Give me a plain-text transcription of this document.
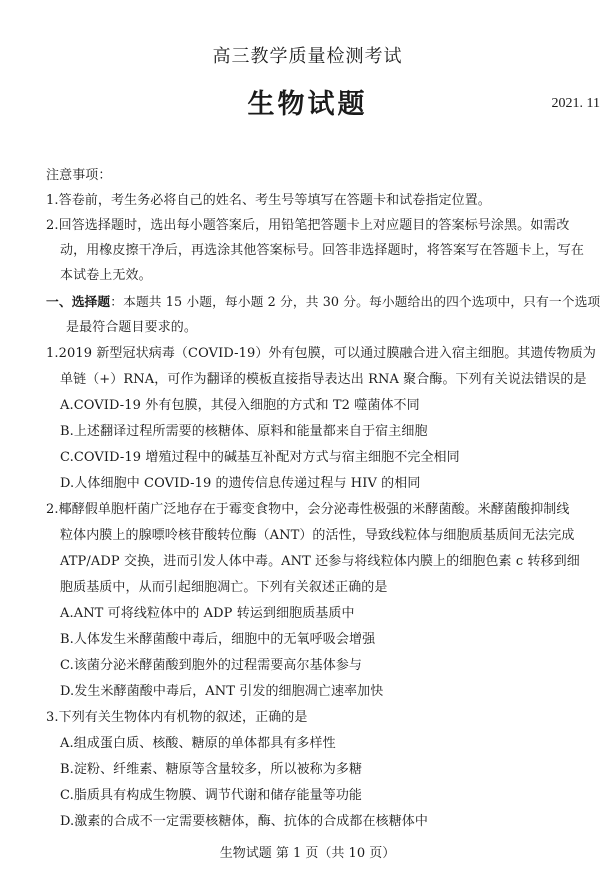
高三教学质量检测考试
生物试题	2021. 11
注意事项：
1.答卷前，考生务必将自己的姓名、考生号等填写在答题卡和试卷指定位置。
2.回答选择题时，选出每小题答案后，用铅笔把答题卡上对应题目的答案标号涂黑。如需改
动，用橡皮擦干净后，再选涂其他答案标号。回答非选择题时，将答案写在答题卡上，写在
本试卷上无效。
一、选择题：本题共 15 小题，每小题 2 分，共 30 分。每小题给出的四个选项中，只有一个选项
是最符合题目要求的。
1.2019 新型冠状病毒（COVID-19）外有包膜，可以通过膜融合进入宿主细胞。其遗传物质为
单链（+）RNA，可作为翻译的模板直接指导表达出 RNA 聚合酶。下列有关说法错误的是
A.COVID-19 外有包膜，其侵入细胞的方式和 T2 噬菌体不同
B.上述翻译过程所需要的核糖体、原料和能量都来自于宿主细胞
C.COVID-19 增殖过程中的碱基互补配对方式与宿主细胞不完全相同
D.人体细胞中 COVID-19 的遗传信息传递过程与 HIV 的相同
2.椰酵假单胞杆菌广泛地存在于霉变食物中，会分泌毒性极强的米酵菌酸。米酵菌酸抑制线
粒体内膜上的腺嘌呤核苷酸转位酶（ANT）的活性，导致线粒体与细胞质基质间无法完成
ATP/ADP 交换，进而引发人体中毒。ANT 还参与将线粒体内膜上的细胞色素 c 转移到细
胞质基质中，从而引起细胞凋亡。下列有关叙述正确的是
A.ANT 可将线粒体中的 ADP 转运到细胞质基质中
B.人体发生米酵菌酸中毒后，细胞中的无氧呼吸会增强
C.该菌分泌米酵菌酸到胞外的过程需要高尔基体参与
D.发生米酵菌酸中毒后，ANT 引发的细胞凋亡速率加快
3.下列有关生物体内有机物的叙述，正确的是
A.组成蛋白质、核酸、糖原的单体都具有多样性
B.淀粉、纤维素、糖原等含量较多，所以被称为多糖
C.脂质具有构成生物膜、调节代谢和储存能量等功能
D.激素的合成不一定需要核糖体，酶、抗体的合成都在核糖体中
生物试题 第 1 页（共 10 页）
